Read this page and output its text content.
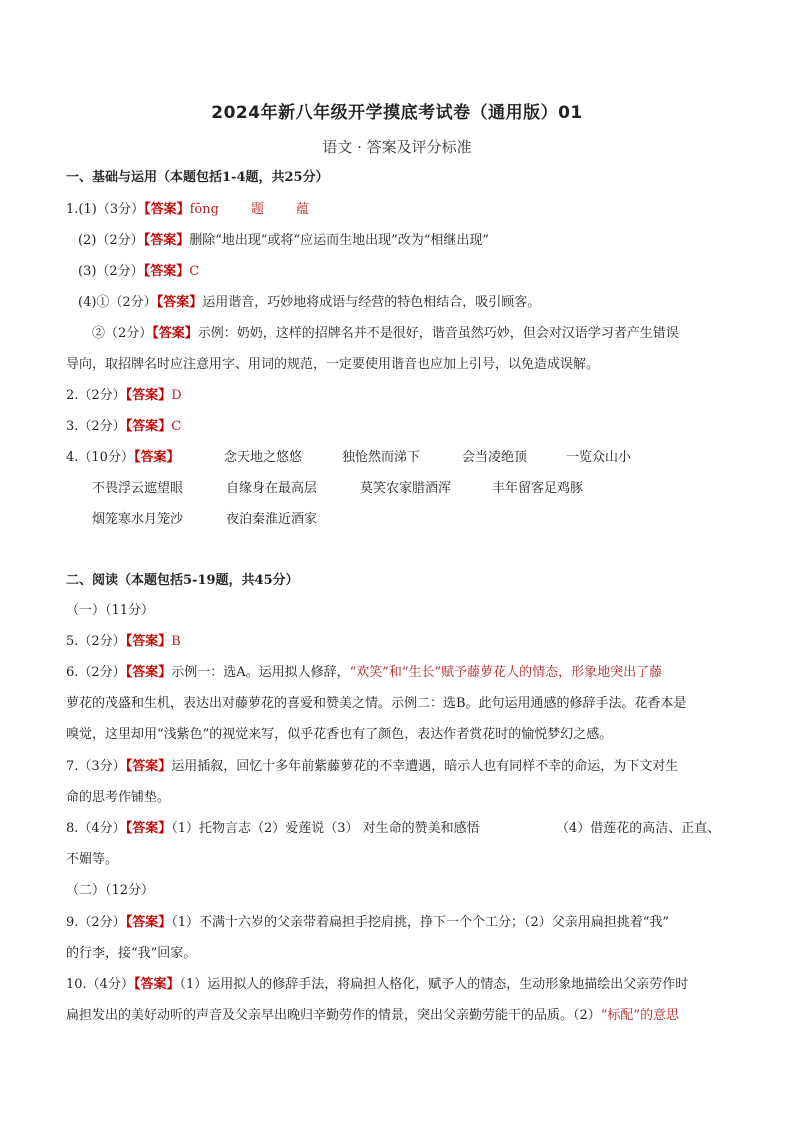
2024年新八年级开学摸底考试卷（通用版）01
语文 · 答案及评分标准
一、基础与运用（本题包括1-4题，共25分）
1.(1)（3分）【答案】fōng 题 蕴
(2)（2分）【答案】删除“地出现”或将“应运而生地出现”改为“相继出现”
(3)（2分）【答案】C
(4)①（2分）【答案】运用谐音，巧妙地将成语与经营的特色相结合，吸引顾客。
②（2分）【答案】示例：奶奶，这样的招牌名并不是很好，谐音虽然巧妙，但会对汉语学习者产生错误
导向，取招牌名时应注意用字、用词的规范，一定要使用谐音也应加上引号，以免造成误解。
2.（2分）【答案】D
3.（2分）【答案】C
4.（10分）【答案】	念天地之悠悠	独怆然而涕下	会当凌绝顶	一览众山小
不畏浮云遮望眼	自缘身在最高层	莫笑农家腊酒浑	丰年留客足鸡豚
烟笼寒水月笼沙	夜泊秦淮近酒家
二、阅读（本题包括5-19题，共45分）
（一）（11分）
5.（2分）【答案】B
6.（2分）【答案】示例一：选A。运用拟人修辞，“欢笑”和“生长”赋予藤萝花人的情态，形象地突出了藤
萝花的茂盛和生机，表达出对藤萝花的喜爱和赞美之情。示例二：选B。此句运用通感的修辞手法。花香本是
嗅觉，这里却用“浅紫色”的视觉来写，似乎花香也有了颜色，表达作者赏花时的愉悦梦幻之感。
7.（3分）【答案】运用插叙，回忆十多年前紫藤萝花的不幸遭遇，暗示人也有同样不幸的命运，为下文对生
命的思考作铺垫。
8.（4分）【答案】（1）托物言志（2）爱莲说（3） 对生命的赞美和感悟	（4）借莲花的高洁、正直、
不媚等。
（二）（12分）
9.（2分）【答案】（1）不满十六岁的父亲带着扁担手挖肩挑，挣下一个个工分；（2）父亲用扁担挑着“我”
的行李，接“我”回家。
10.（4分）【答案】（1）运用拟人的修辞手法，将扁担人格化，赋予人的情态，生动形象地描绘出父亲劳作时
扁担发出的美好动听的声音及父亲早出晚归辛勤劳作的情景，突出父亲勤劳能干的品质。（2）“标配”的意思
